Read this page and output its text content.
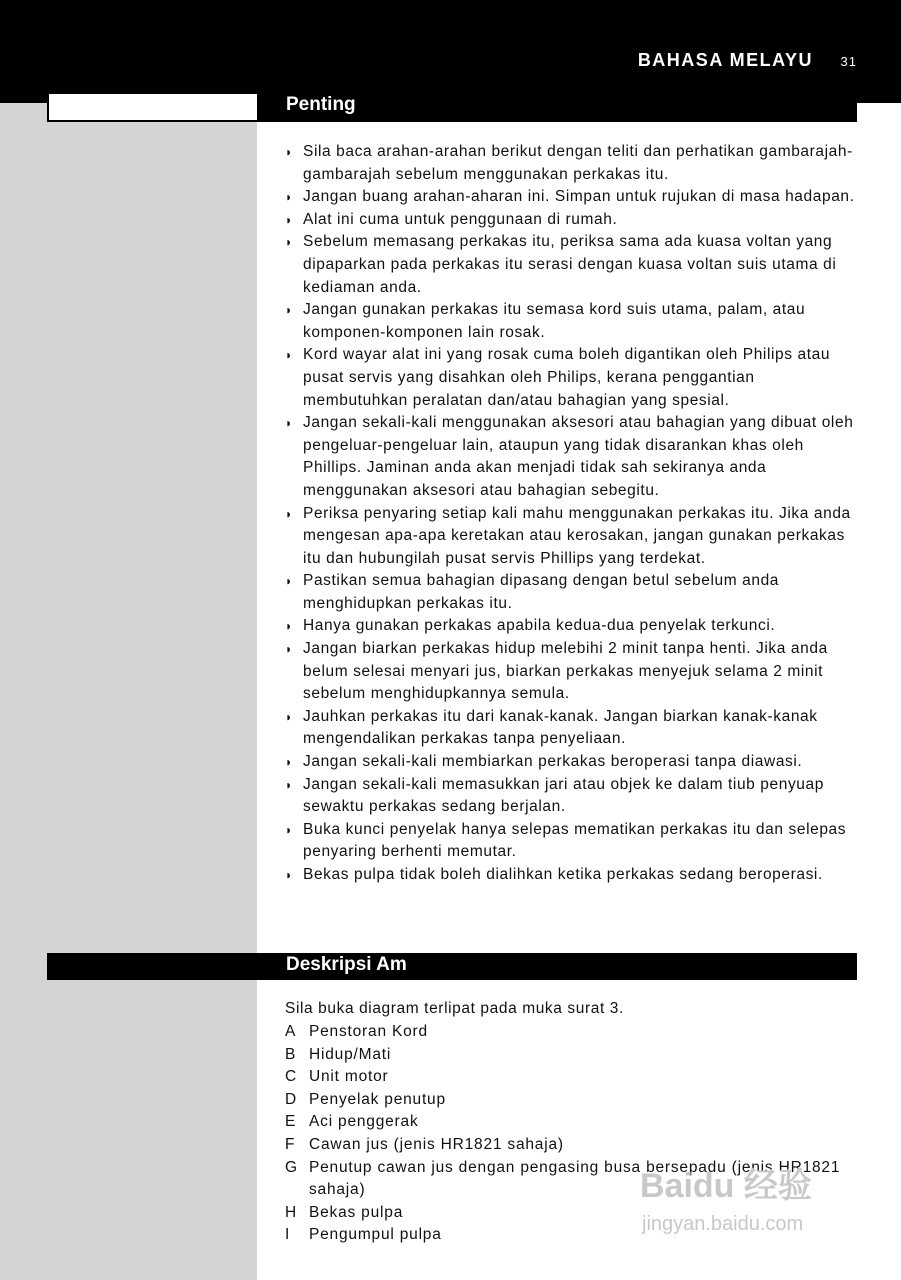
BAHASA MELAYU 31
Penting
◗ Sila baca arahan-arahan berikut dengan teliti dan perhatikan gambarajah-gambarajah sebelum menggunakan perkakas itu.
◗ Jangan buang arahan-aharan ini. Simpan untuk rujukan di masa hadapan.
◗ Alat ini cuma untuk penggunaan di rumah.
◗ Sebelum memasang perkakas itu, periksa sama ada kuasa voltan yang dipaparkan pada perkakas itu serasi dengan kuasa voltan suis utama di kediaman anda.
◗ Jangan gunakan perkakas itu semasa kord suis utama, palam, atau komponen-komponen lain rosak.
◗ Kord wayar alat ini yang rosak cuma boleh digantikan oleh Philips atau pusat servis yang disahkan oleh Philips, kerana penggantian membutuhkan peralatan dan/atau bahagian yang spesial.
◗ Jangan sekali-kali menggunakan aksesori atau bahagian yang dibuat oleh pengeluar-pengeluar lain, ataupun yang tidak disarankan khas oleh Phillips. Jaminan anda akan menjadi tidak sah sekiranya anda menggunakan aksesori atau bahagian sebegitu.
◗ Periksa penyaring setiap kali mahu menggunakan perkakas itu. Jika anda mengesan apa-apa keretakan atau kerosakan, jangan gunakan perkakas itu dan hubungilah pusat servis Phillips yang terdekat.
◗ Pastikan semua bahagian dipasang dengan betul sebelum anda menghidupkan perkakas itu.
◗ Hanya gunakan perkakas apabila kedua-dua penyelak terkunci.
◗ Jangan biarkan perkakas hidup melebihi 2 minit tanpa henti. Jika anda belum selesai menyari jus, biarkan perkakas menyejuk selama 2 minit sebelum menghidupkannya semula.
◗ Jauhkan perkakas itu dari kanak-kanak. Jangan biarkan kanak-kanak mengendalikan perkakas tanpa penyeliaan.
◗ Jangan sekali-kali membiarkan perkakas beroperasi tanpa diawasi.
◗ Jangan sekali-kali memasukkan jari atau objek ke dalam tiub penyuap sewaktu perkakas sedang berjalan.
◗ Buka kunci penyelak hanya selepas mematikan perkakas itu dan selepas penyaring berhenti memutar.
◗ Bekas pulpa tidak boleh dialihkan ketika perkakas sedang beroperasi.
Deskripsi Am
Sila buka diagram terlipat pada muka surat 3.
A Penstoran Kord
B Hidup/Mati
C Unit motor
D Penyelak penutup
E Aci penggerak
F Cawan jus (jenis HR1821 sahaja)
G Penutup cawan jus dengan pengasing busa bersepadu (jenis HR1821 sahaja)
H Bekas pulpa
I Pengumpul pulpa
Baidu 经验
jingyan.baidu.com
